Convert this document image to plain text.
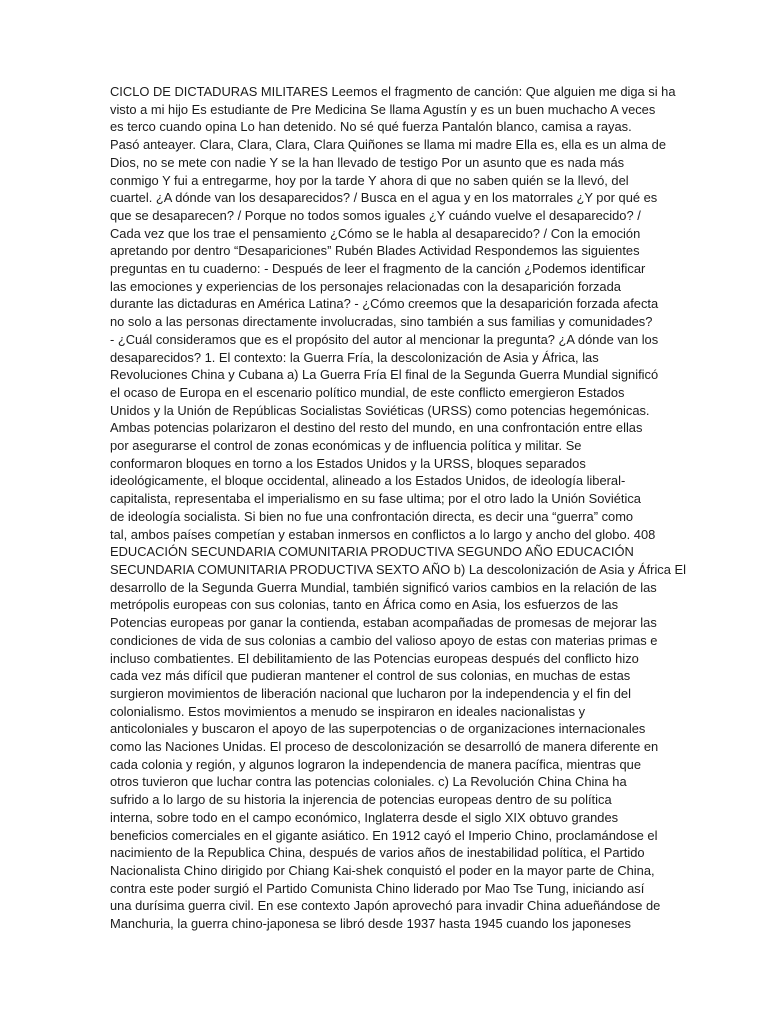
CICLO DE DICTADURAS MILITARES Leemos el fragmento de canción: Que alguien me diga si ha
visto a mi hijo Es estudiante de Pre Medicina Se llama Agustín y es un buen muchacho A veces
es terco cuando opina Lo han detenido. No sé qué fuerza Pantalón blanco, camisa a rayas.
Pasó anteayer. Clara, Clara, Clara, Clara Quiñones se llama mi madre Ella es, ella es un alma de
Dios, no se mete con nadie Y se la han llevado de testigo Por un asunto que es nada más
conmigo Y fui a entregarme, hoy por la tarde Y ahora di que no saben quién se la llevó, del
cuartel. ¿A dónde van los desaparecidos? / Busca en el agua y en los matorrales ¿Y por qué es
que se desaparecen? / Porque no todos somos iguales ¿Y cuándo vuelve el desaparecido? /
Cada vez que los trae el pensamiento ¿Cómo se le habla al desaparecido? / Con la emoción
apretando por dentro “Desapariciones” Rubén Blades Actividad Respondemos las siguientes
preguntas en tu cuaderno: - Después de leer el fragmento de la canción ¿Podemos identificar
las emociones y experiencias de los personajes relacionadas con la desaparición forzada
durante las dictaduras en América Latina? - ¿Cómo creemos que la desaparición forzada afecta
no solo a las personas directamente involucradas, sino también a sus familias y comunidades?
- ¿Cuál consideramos que es el propósito del autor al mencionar la pregunta? ¿A dónde van los
desaparecidos? 1. El contexto: la Guerra Fría, la descolonización de Asia y África, las
Revoluciones China y Cubana a) La Guerra Fría El final de la Segunda Guerra Mundial significó
el ocaso de Europa en el escenario político mundial, de este conflicto emergieron Estados
Unidos y la Unión de Repúblicas Socialistas Soviéticas (URSS) como potencias hegemónicas.
Ambas potencias polarizaron el destino del resto del mundo, en una confrontación entre ellas
por asegurarse el control de zonas económicas y de influencia política y militar. Se
conformaron bloques en torno a los Estados Unidos y la URSS, bloques separados
ideológicamente, el bloque occidental, alineado a los Estados Unidos, de ideología liberal-
capitalista, representaba el imperialismo en su fase ultima; por el otro lado la Unión Soviética
de ideología socialista. Si bien no fue una confrontación directa, es decir una “guerra” como
tal, ambos países competían y estaban inmersos en conflictos a lo largo y ancho del globo. 408
EDUCACIÓN SECUNDARIA COMUNITARIA PRODUCTIVA SEGUNDO AÑO EDUCACIÓN
SECUNDARIA COMUNITARIA PRODUCTIVA SEXTO AÑO b) La descolonización de Asia y África El
desarrollo de la Segunda Guerra Mundial, también significó varios cambios en la relación de las
metrópolis europeas con sus colonias, tanto en África como en Asia, los esfuerzos de las
Potencias europeas por ganar la contienda, estaban acompañadas de promesas de mejorar las
condiciones de vida de sus colonias a cambio del valioso apoyo de estas con materias primas e
incluso combatientes. El debilitamiento de las Potencias europeas después del conflicto hizo
cada vez más difícil que pudieran mantener el control de sus colonias, en muchas de estas
surgieron movimientos de liberación nacional que lucharon por la independencia y el fin del
colonialismo. Estos movimientos a menudo se inspiraron en ideales nacionalistas y
anticoloniales y buscaron el apoyo de las superpotencias o de organizaciones internacionales
como las Naciones Unidas. El proceso de descolonización se desarrolló de manera diferente en
cada colonia y región, y algunos lograron la independencia de manera pacífica, mientras que
otros tuvieron que luchar contra las potencias coloniales. c) La Revolución China China ha
sufrido a lo largo de su historia la injerencia de potencias europeas dentro de su política
interna, sobre todo en el campo económico, Inglaterra desde el siglo XIX obtuvo grandes
beneficios comerciales en el gigante asiático. En 1912 cayó el Imperio Chino, proclamándose el
nacimiento de la Republica China, después de varios años de inestabilidad política, el Partido
Nacionalista Chino dirigido por Chiang Kai-shek conquistó el poder en la mayor parte de China,
contra este poder surgió el Partido Comunista Chino liderado por Mao Tse Tung, iniciando así
una durísima guerra civil. En ese contexto Japón aprovechó para invadir China adueñándose de
Manchuria, la guerra chino-japonesa se libró desde 1937 hasta 1945 cuando los japoneses
